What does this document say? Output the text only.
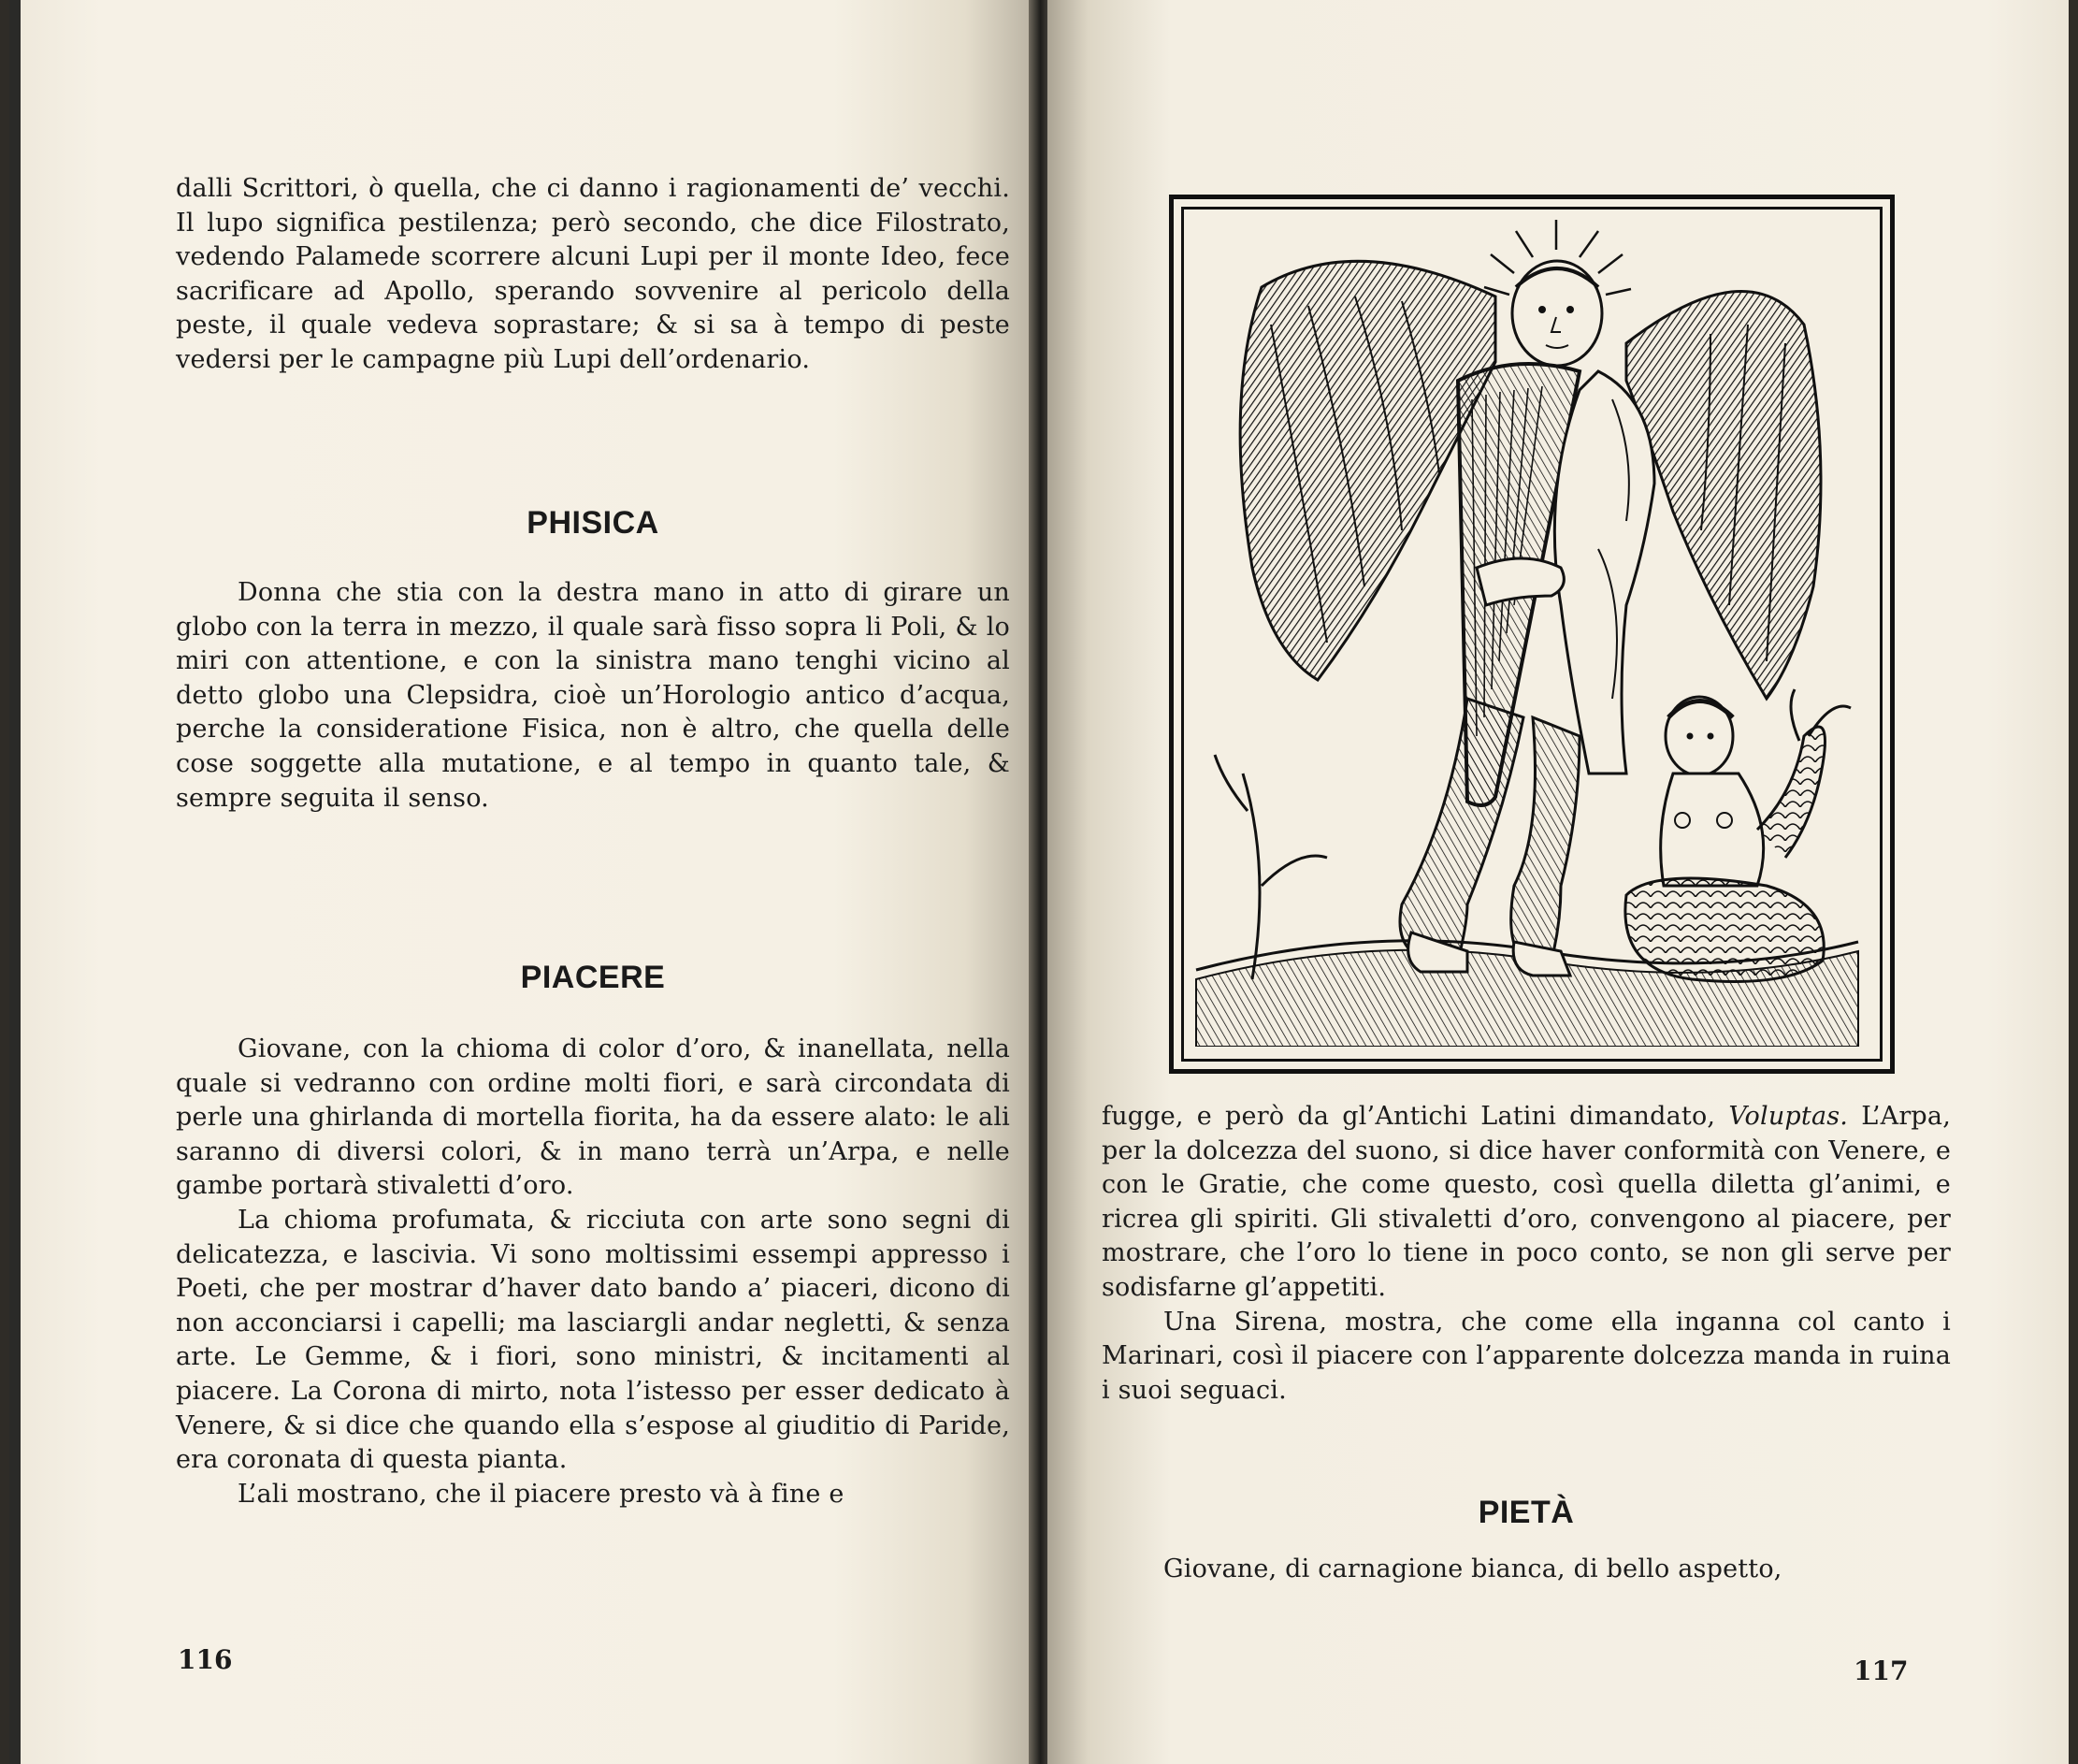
dalli Scrittori, ò quella, che ci danno i ragionamenti de’ vecchi. Il lupo significa pestilenza; però secondo, che dice Filostrato, vedendo Palamede scorrere alcuni Lupi per il monte Ideo, fece sacrificare ad Apollo, sperando sovvenire al pericolo della peste, il quale vedeva soprastare; & si sa à tempo di peste vedersi per le campagne più Lupi dell’ordenario.

PHISICA

Donna che stia con la destra mano in atto di girare un globo con la terra in mezzo, il quale sarà fisso sopra li Poli, & lo miri con attentione, e con la sinistra mano tenghi vicino al detto globo una Clepsidra, cioè un’Horologio antico d’acqua, perche la consideratione Fisica, non è altro, che quella delle cose soggette alla mutatione, e al tempo in quanto tale, & sempre seguita il senso.

PIACERE

Giovane, con la chioma di color d’oro, & inanellata, nella quale si vedranno con ordine molti fiori, e sarà circondata di perle una ghirlanda di mortella fiorita, ha da essere alato: le ali saranno di diversi colori, & in mano terrà un’Arpa, e nelle gambe portarà stivaletti d’oro.

La chioma profumata, & ricciuta con arte sono segni di delicatezza, e lascivia. Vi sono moltissimi essempi appresso i Poeti, che per mostrar d’haver dato bando a’ piaceri, dicono di non acconciarsi i capelli; ma lasciargli andar negletti, & senza arte. Le Gemme, & i fiori, sono ministri, & incitamenti al piacere. La Corona di mirto, nota l’istesso per esser dedicato à Venere, & si dice che quando ella s’espose al giuditio di Paride, era coronata di questa pianta.

L’ali mostrano, che il piacere presto và à fine e

116

fugge, e però da gl’Antichi Latini dimandato, Voluptas. L’Arpa, per la dolcezza del suono, si dice haver conformità con Venere, e con le Gratie, che come questo, così quella diletta gl’animi, e ricrea gli spiriti. Gli stivaletti d’oro, convengono al piacere, per mostrare, che l’oro lo tiene in poco conto, se non gli serve per sodisfarne gl’appetiti.

Una Sirena, mostra, che come ella inganna col canto i Marinari, così il piacere con l’apparente dolcezza manda in ruina i suoi seguaci.

PIETÀ

Giovane, di carnagione bianca, di bello aspetto,

117
